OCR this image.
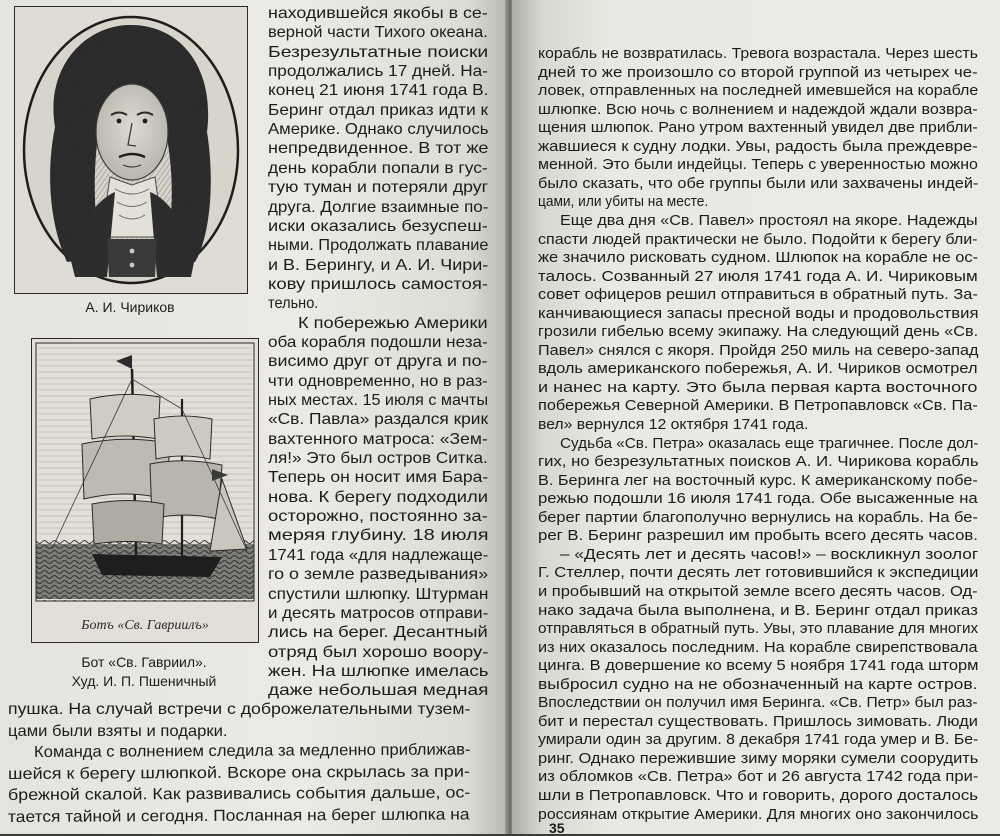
А. И. Чириков
Ботъ «Св. Гавриилъ»
Бот «Св. Гавриил».
Худ. И. П. Пшеничный
находившейся якобы в се-
верной части Тихого океана.
Безрезультатные поиски
продолжались 17 дней. На-
конец 21 июня 1741 года В.
Беринг отдал приказ идти к
Америке. Однако случилось
непредвиденное. В тот же
день корабли попали в гус-
тую туман и потеряли друг
друга. Долгие взаимные по-
иски оказались безуспеш-
ными. Продолжать плавание
и В. Берингу, и А. И. Чири-
кову пришлось самостоя-
тельно.
К побережью Америки
оба корабля подошли неза-
висимо друг от друга и по-
чти одновременно, но в раз-
ных местах. 15 июля с мачты
«Св. Павла» раздался крик
вахтенного матроса: «Зем-
ля!» Это был остров Ситка.
Теперь он носит имя Бара-
нова. К берегу подходили
осторожно, постоянно за-
меряя глубину. 18 июля
1741 года «для надлежаще-
го о земле разведывания»
спустили шлюпку. Штурман
и десять матросов отправи-
лись на берег. Десантный
отряд был хорошо воору-
жен. На шлюпке имелась
даже небольшая медная
пушка. На случай встречи с доброжелательными тузем-
цами были взяты и подарки.
Команда с волнением следила за медленно приближав-
шейся к берегу шлюпкой. Вскоре она скрылась за при-
брежной скалой. Как развивались события дальше, ос-
тается тайной и сегодня. Посланная на берег шлюпка на
корабль не возвратилась. Тревога возрастала. Через шесть
дней то же произошло со второй группой из четырех че-
ловек, отправленных на последней имевшейся на корабле
шлюпке. Всю ночь с волнением и надеждой ждали возвра-
щения шлюпок. Рано утром вахтенный увидел две прибли-
жавшиеся к судну лодки. Увы, радость была преждевре-
менной. Это были индейцы. Теперь с уверенностью можно
было сказать, что обе группы были или захвачены индей-
цами, или убиты на месте.
Еще два дня «Св. Павел» простоял на якоре. Надежды
спасти людей практически не было. Подойти к берегу бли-
же значило рисковать судном. Шлюпок на корабле не ос-
талось. Созванный 27 июля 1741 года А. И. Чириковым
совет офицеров решил отправиться в обратный путь. За-
канчивающиеся запасы пресной воды и продовольствия
грозили гибелью всему экипажу. На следующий день «Св.
Павел» снялся с якоря. Пройдя 250 миль на северо-запад
вдоль американского побережья, А. И. Чириков осмотрел
и нанес на карту. Это была первая карта восточного
побережья Северной Америки. В Петропавловск «Св. Па-
вел» вернулся 12 октября 1741 года.
Судьба «Св. Петра» оказалась еще трагичнее. После дол-
гих, но безрезультатных поисков А. И. Чирикова корабль
В. Беринга лег на восточный курс. К американскому побе-
режью подошли 16 июля 1741 года. Обе высаженные на
берег партии благополучно вернулись на корабль. На бе-
рег В. Беринг разрешил им пробыть всего десять часов.
– «Десять лет и десять часов!» – воскликнул зоолог
Г. Стеллер, почти десять лет готовившийся к экспедиции
и пробывший на открытой земле всего десять часов. Од-
нако задача была выполнена, и В. Беринг отдал приказ
отправляться в обратный путь. Увы, это плавание для многих
из них оказалось последним. На корабле свирепствовала
цинга. В довершение ко всему 5 ноября 1741 года шторм
выбросил судно на не обозначенный на карте остров.
Впоследствии он получил имя Беринга. «Св. Петр» был раз-
бит и перестал существовать. Пришлось зимовать. Люди
умирали один за другим. 8 декабря 1741 года умер и В. Бе-
ринг. Однако пережившие зиму моряки сумели соорудить
из обломков «Св. Петра» бот и 26 августа 1742 года при-
шли в Петропавловск. Что и говорить, дорого досталось
россиянам открытие Америки. Для многих оно закончилось
35
